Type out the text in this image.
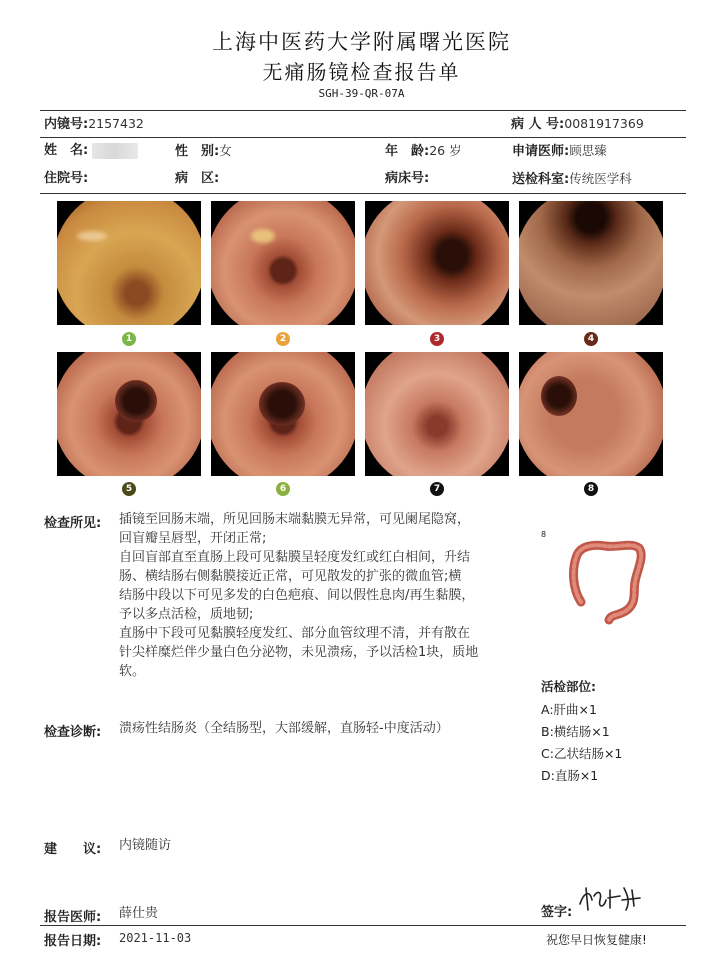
上海中医药大学附属曙光医院
无痛肠镜检查报告单
SGH-39-QR-07A
内镜号:2157432	病 人 号:0081917369
姓　名:	性　别:女	年　龄:26 岁	申请医师:顾思臻
住院号:	病　区:	病床号:	送检科室:传统医学科
1	2	3	4
5	6	7	8
检查所见: 插镜至回肠末端，所见回肠末端黏膜无异常，可见阑尾隐窝，
回盲瓣呈唇型，开闭正常;
自回盲部直至直肠上段可见黏膜呈轻度发红或红白相间，升结
肠、横结肠右侧黏膜接近正常，可见散发的扩张的微血管;横
结肠中段以下可见多发的白色疤痕、间以假性息肉/再生黏膜，
予以多点活检，质地韧;
直肠中下段可见黏膜轻度发红、部分血管纹理不清，并有散在
针尖样糜烂伴少量白色分泌物，未见溃疡，予以活检1块，质地
软。
8
活检部位:
A:肝曲×1
B:横结肠×1
C:乙状结肠×1
D:直肠×1
检查诊断: 溃疡性结肠炎（全结肠型，大部缓解，直肠轻-中度活动）
建　　议: 内镜随访
报告医师: 薛仕贵	签字:
报告日期: 2021-11-03	祝您早日恢复健康!
